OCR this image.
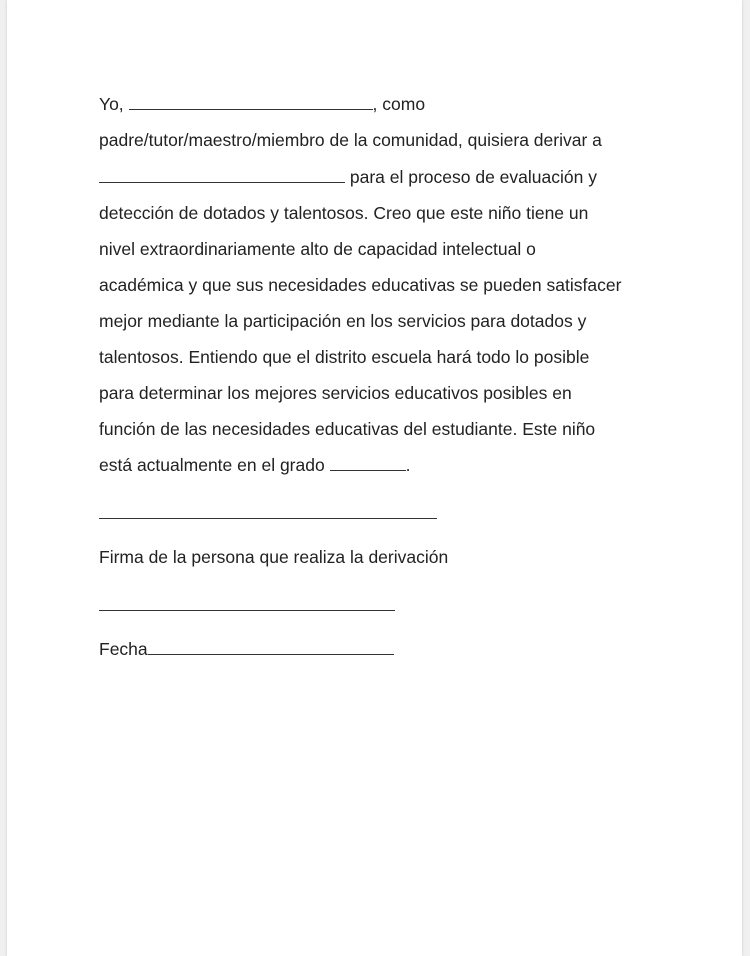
Yo,	, como
padre/tutor/maestro/miembro de la comunidad, quisiera derivar a
para el proceso de evaluación y
detección de dotados y talentosos. Creo que este niño tiene un
nivel extraordinariamente alto de capacidad intelectual o
académica y que sus necesidades educativas se pueden satisfacer
mejor mediante la participación en los servicios para dotados y
talentosos. Entiendo que el distrito escuela hará todo lo posible
para determinar los mejores servicios educativos posibles en
función de las necesidades educativas del estudiante. Este niño
está actualmente en el grado	.
Firma de la persona que realiza la derivación
Fecha
